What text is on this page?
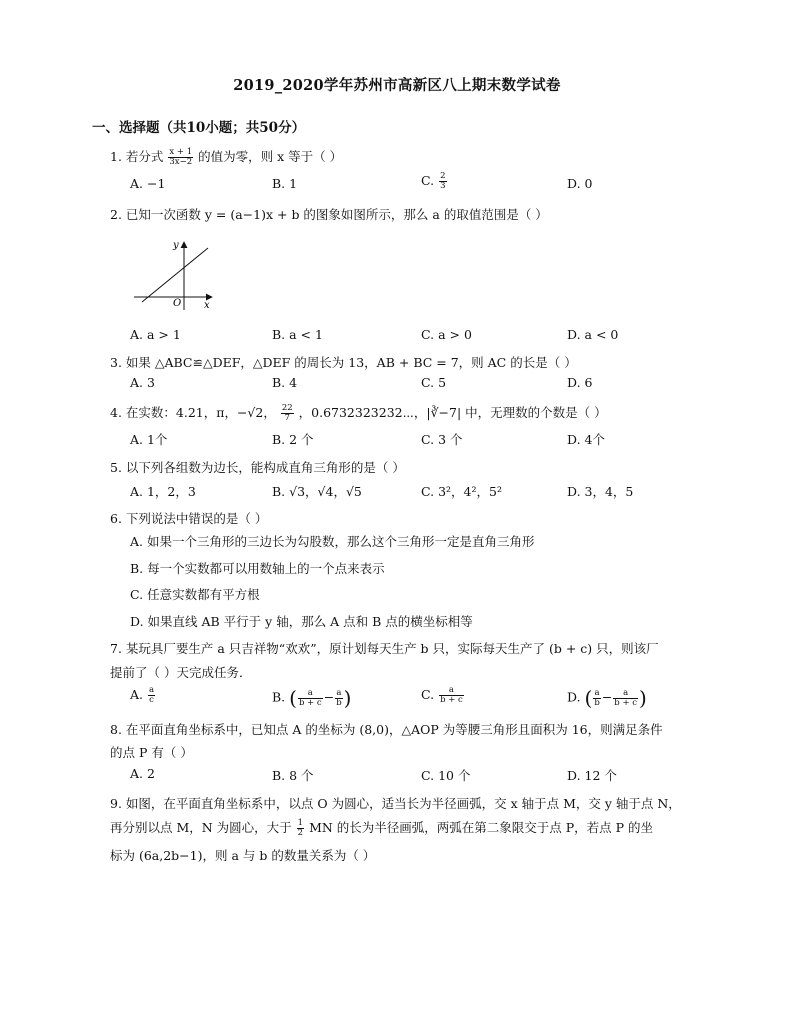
2019_2020学年苏州市高新区八上期末数学试卷
一、选择题（共10小题；共50分）
1. 若分式 $\frac{x + 1}{3x-2}$ 的值为零，则 x 等于（ ）
A. −1	B. 1	C. $\frac{2}{3}$	D. 0
2. 已知一次函数 y = (a−1)x + b 的图象如图所示，那么 a 的取值范围是（ ）
y
x
O
A. a > 1	B. a < 1	C. a > 0	D. a < 0
3. 如果 △ABC≌△DEF，△DEF 的周长为 13，AB + BC = 7，则 AC 的长是（ ）
A. 3	B. 4	C. 5	D. 6
4. 在实数：4.21，π，−√2， $\frac{22}{7}$ ，0.6732323232⋯，|∛−7| 中，无理数的个数是（ ）
A. 1个	B. 2 个	C. 3 个	D. 4个
5. 以下列各组数为边长，能构成直角三角形的是（ ）
A. 1，2，3	B. √3，√4，√5	C. 3²，4²，5²	D. 3，4，5
6. 下列说法中错误的是（ ）
A. 如果一个三角形的三边长为勾股数，那么这个三角形一定是直角三角形
B. 每一个实数都可以用数轴上的一个点来表示
C. 任意实数都有平方根
D. 如果直线 AB 平行于 y 轴，那么 A 点和 B 点的横坐标相等
7. 某玩具厂要生产 a 只吉祥物“欢欢”，原计划每天生产 b 只，实际每天生产了 (b + c) 只，则该厂
提前了（ ）天完成任务．
A. $\frac{a}{c}$	B. ( $\frac{a}{b + c} - \frac{a}{b}$ )	C. $\frac{a}{b + c}$	D. ( $\frac{a}{b} - \frac{a}{b + c}$ )
8. 在平面直角坐标系中，已知点 A 的坐标为 (8,0)，△AOP 为等腰三角形且面积为 16，则满足条件
的点 P 有（ ）
A. 2	B. 8 个	C. 10 个	D. 12 个
9. 如图，在平面直角坐标系中，以点 O 为圆心，适当长为半径画弧，交 x 轴于点 M，交 y 轴于点 N，
再分别以点 M，N 为圆心，大于 $\frac{1}{2}$ MN 的长为半径画弧，两弧在第二象限交于点 P，若点 P 的坐
标为 (6a,2b−1)，则 a 与 b 的数量关系为（ ）
